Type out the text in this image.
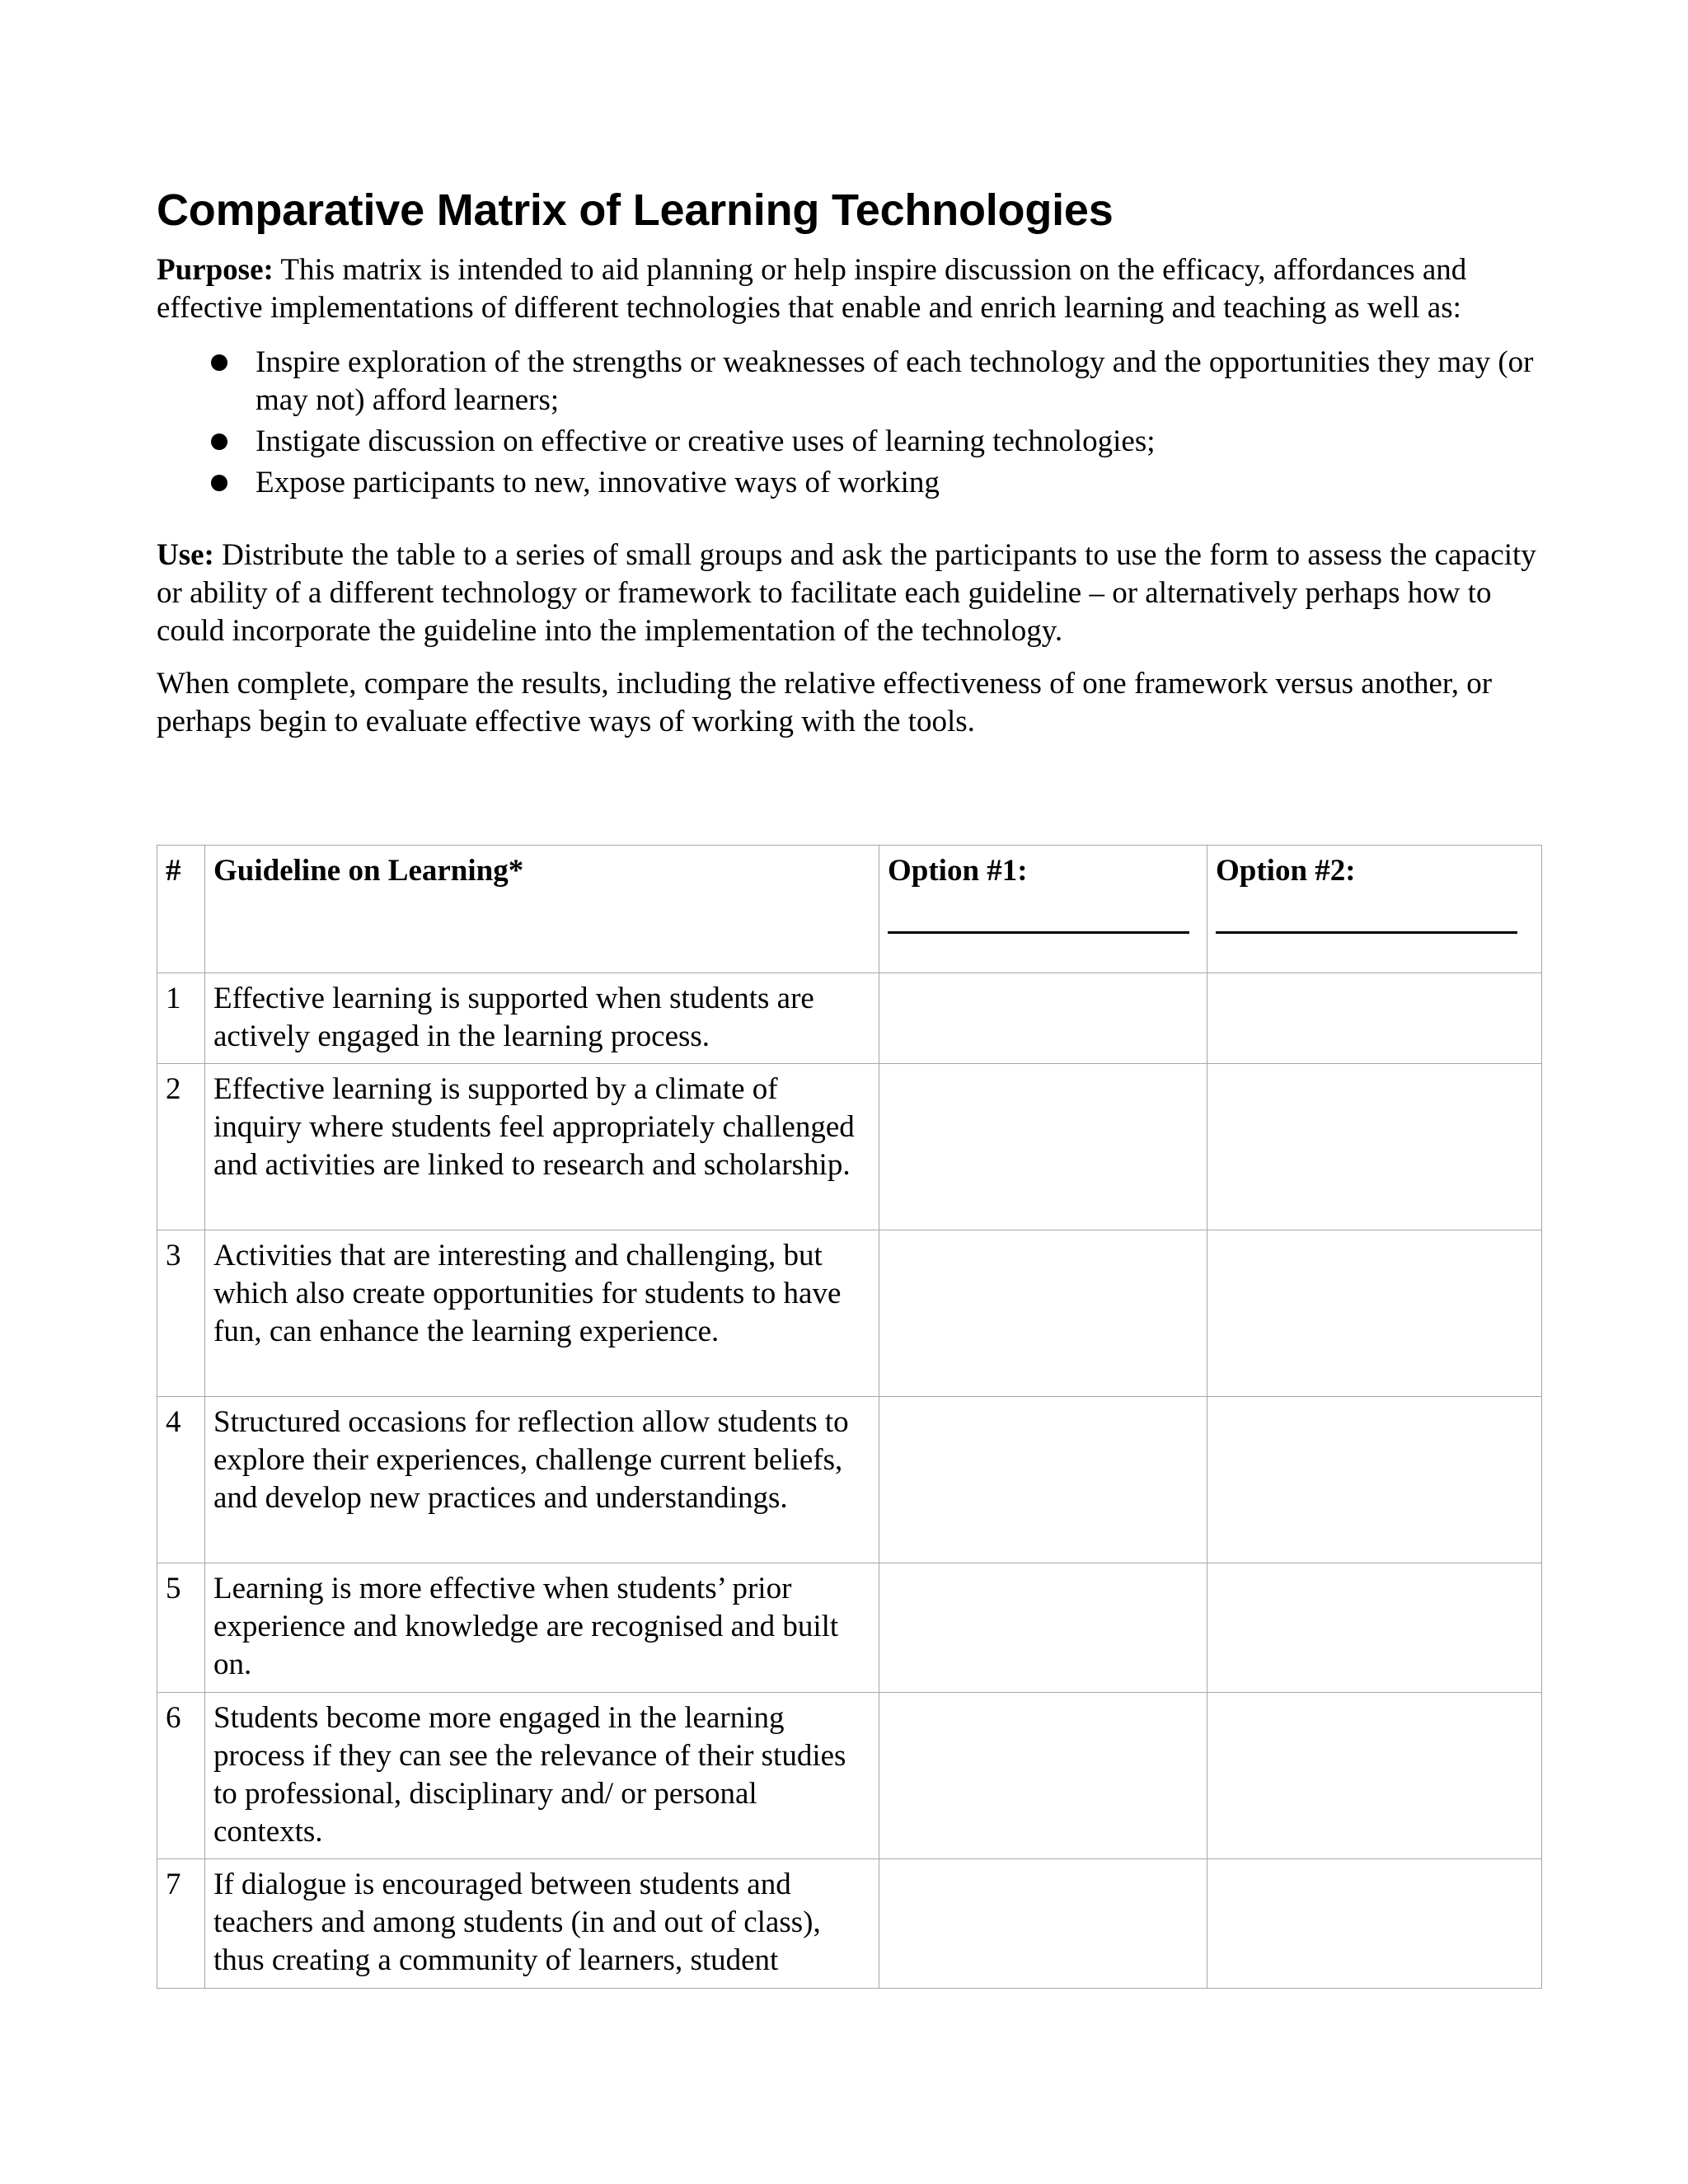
Comparative Matrix of Learning Technologies

Purpose: This matrix is intended to aid planning or help inspire discussion on the efficacy, affordances and effective implementations of different technologies that enable and enrich learning and teaching as well as:

Inspire exploration of the strengths or weaknesses of each technology and the opportunities they may (or may not) afford learners;
Instigate discussion on effective or creative uses of learning technologies;
Expose participants to new, innovative ways of working

Use: Distribute the table to a series of small groups and ask the participants to use the form to assess the capacity or ability of a different technology or framework to facilitate each guideline – or alternatively perhaps how to could incorporate the guideline into the implementation of the technology.

When complete, compare the results, including the relative effectiveness of one framework versus another, or perhaps begin to evaluate effective ways of working with the tools.

#	Guideline on Learning*	Option #1:	Option #2:

1	Effective learning is supported when students are actively engaged in the learning process.		
2	Effective learning is supported by a climate of inquiry where students feel appropriately challenged and activities are linked to research and scholarship.		
3	Activities that are interesting and challenging, but which also create opportunities for students to have fun, can enhance the learning experience.		
4	Structured occasions for reflection allow students to explore their experiences, challenge current beliefs, and develop new practices and understandings.		
5	Learning is more effective when students’ prior experience and knowledge are recognised and built on.		
6	Students become more engaged in the learning process if they can see the relevance of their studies to professional, disciplinary and/ or personal contexts.		
7	If dialogue is encouraged between students and teachers and among students (in and out of class), thus creating a community of learners, student		
